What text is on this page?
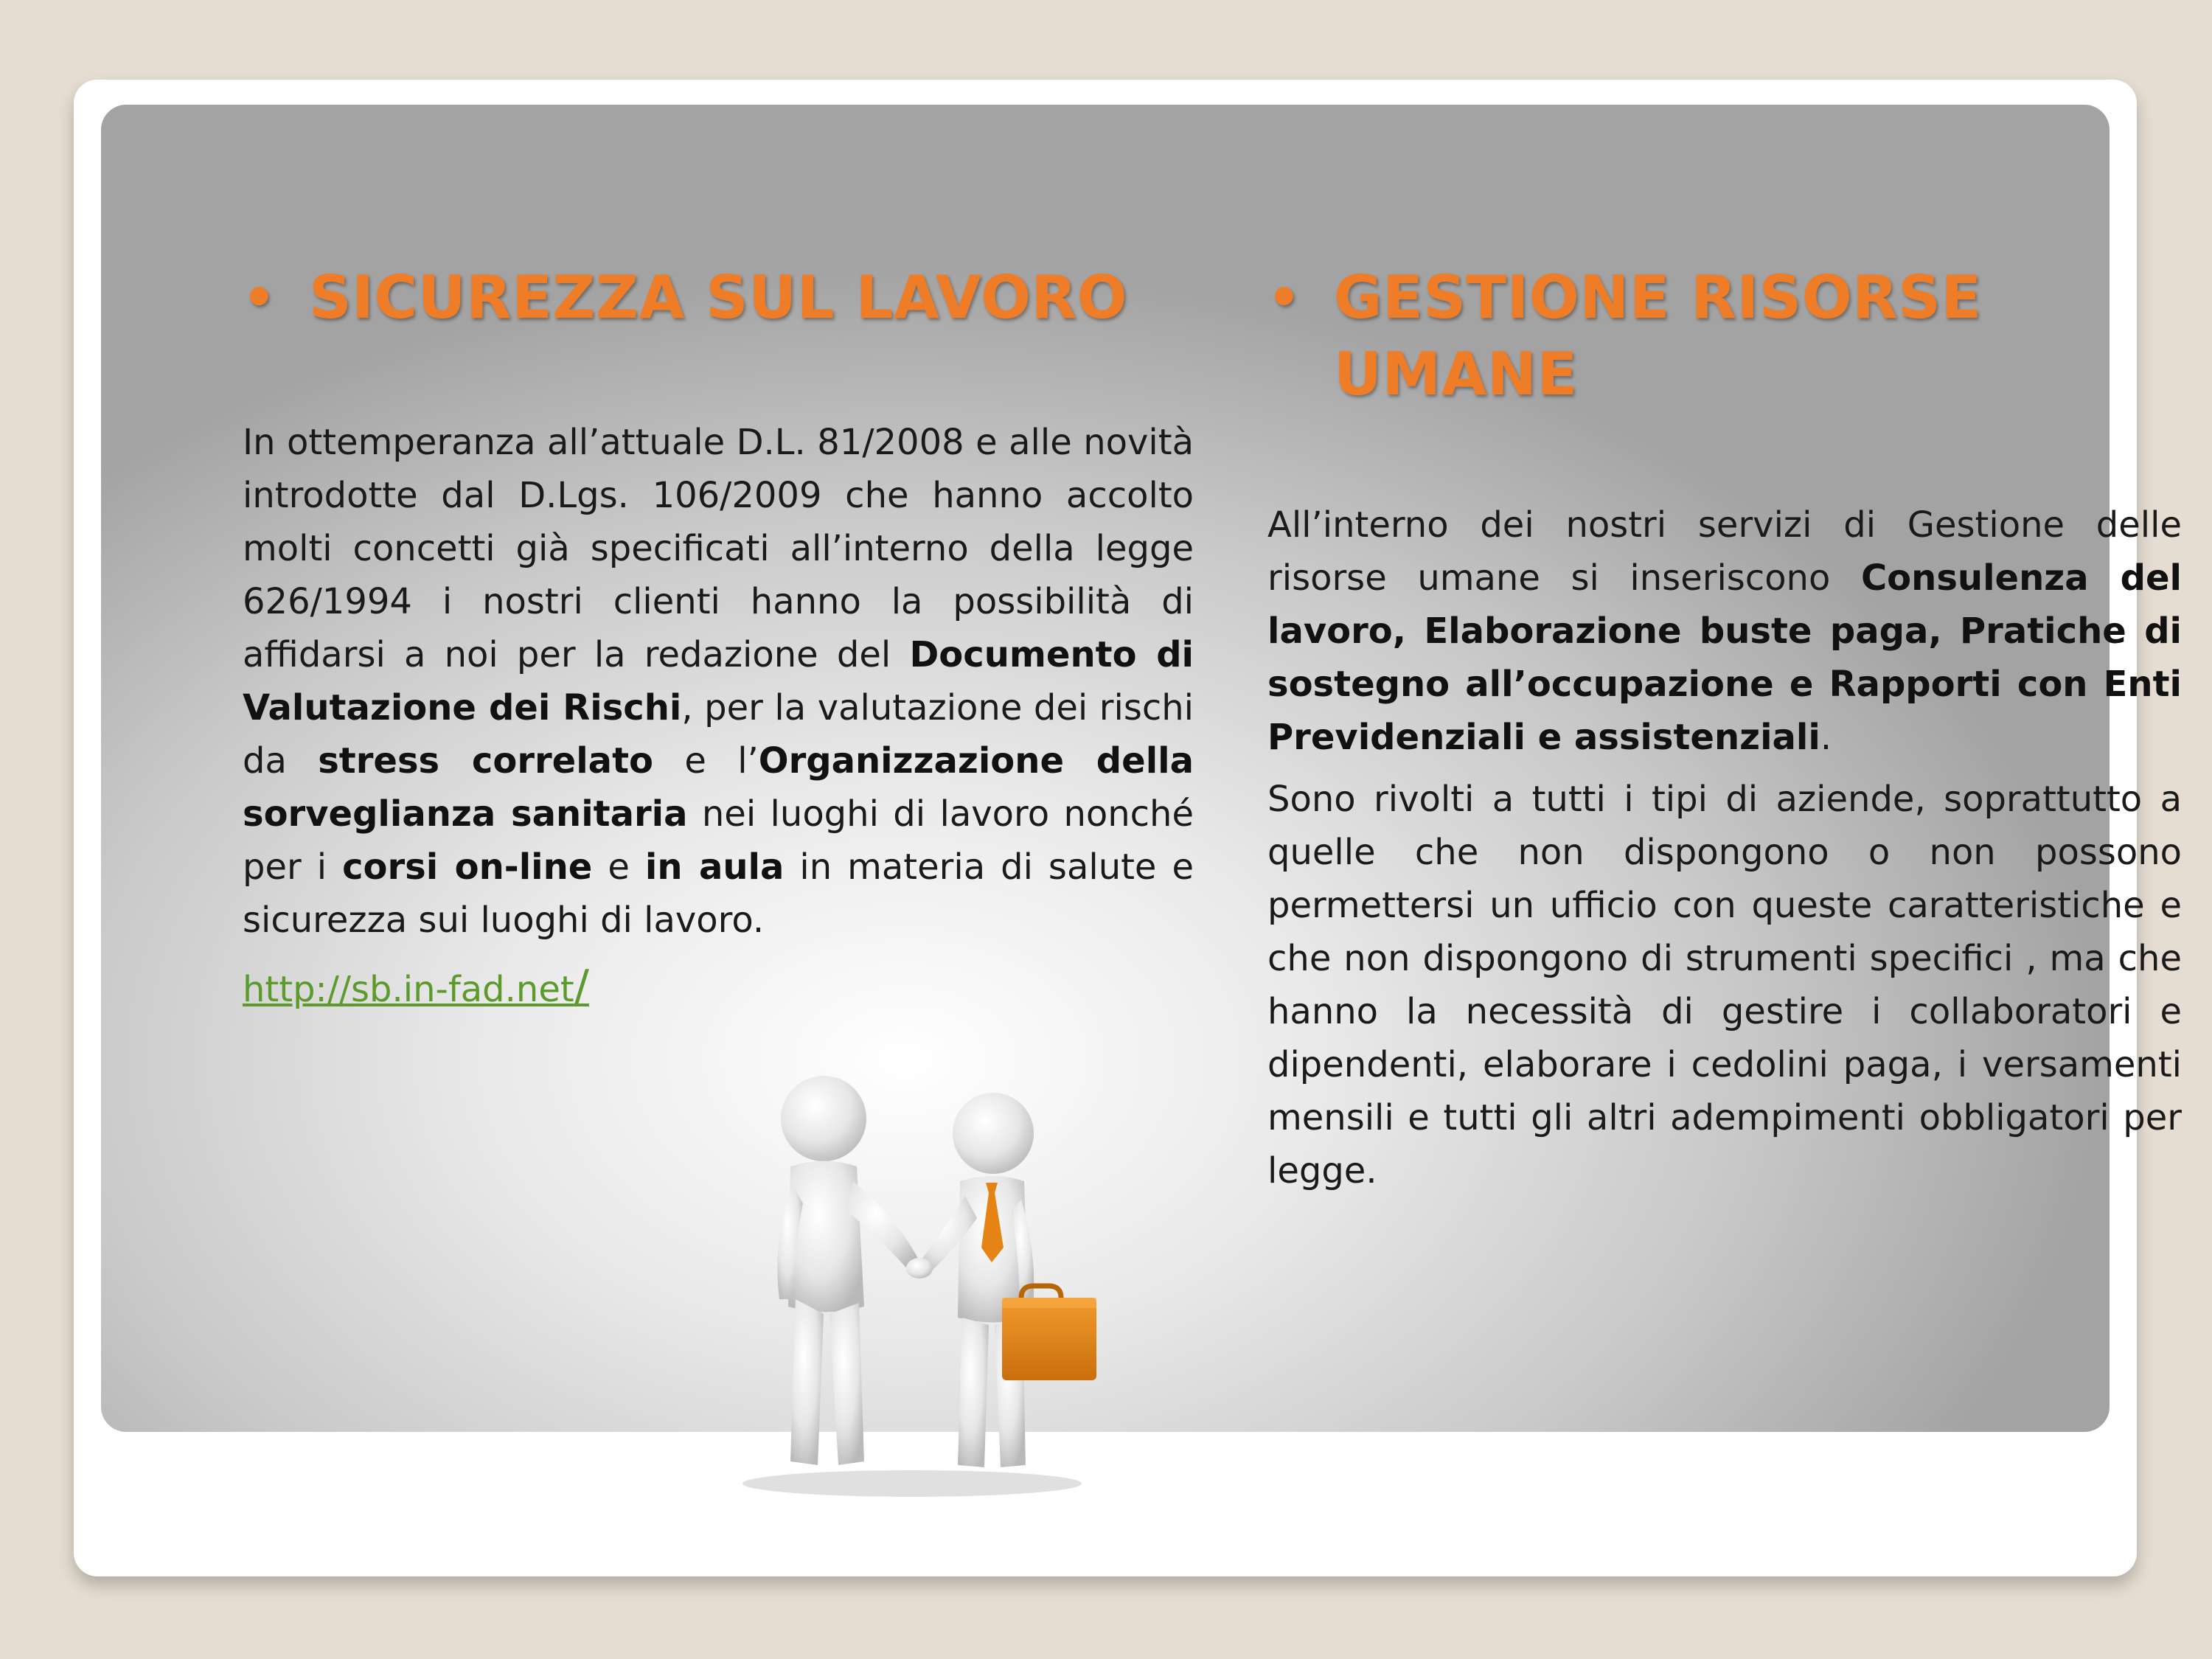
• SICUREZZA SUL LAVORO

In ottemperanza all’attuale D.L. 81/2008 e alle novità introdotte dal D.Lgs. 106/2009 che hanno accolto molti concetti già specificati all’interno della legge 626/1994 i nostri clienti hanno la possibilità di affidarsi a noi per la redazione del Documento di Valutazione dei Rischi, per la valutazione dei rischi da stress correlato e l’Organizzazione della sorveglianza sanitaria nei luoghi di lavoro nonché per i corsi on-line e in aula in materia di salute e sicurezza sui luoghi di lavoro.

http://sb.in-fad.net/
• GESTIONE RISORSE
UMANE

All’interno dei nostri servizi di Gestione delle risorse umane si inseriscono Consulenza del lavoro, Elaborazione buste paga, Pratiche di sostegno all’occupazione e Rapporti con Enti Previdenziali e assistenziali.

Sono rivolti a tutti i tipi di aziende, soprattutto a quelle che non dispongono o non possono permettersi un ufficio con queste caratteristiche e che non dispongono di strumenti specifici , ma che hanno la necessità di gestire i collaboratori e dipendenti, elaborare i cedolini paga, i versamenti mensili e tutti gli altri adempimenti obbligatori per legge.
